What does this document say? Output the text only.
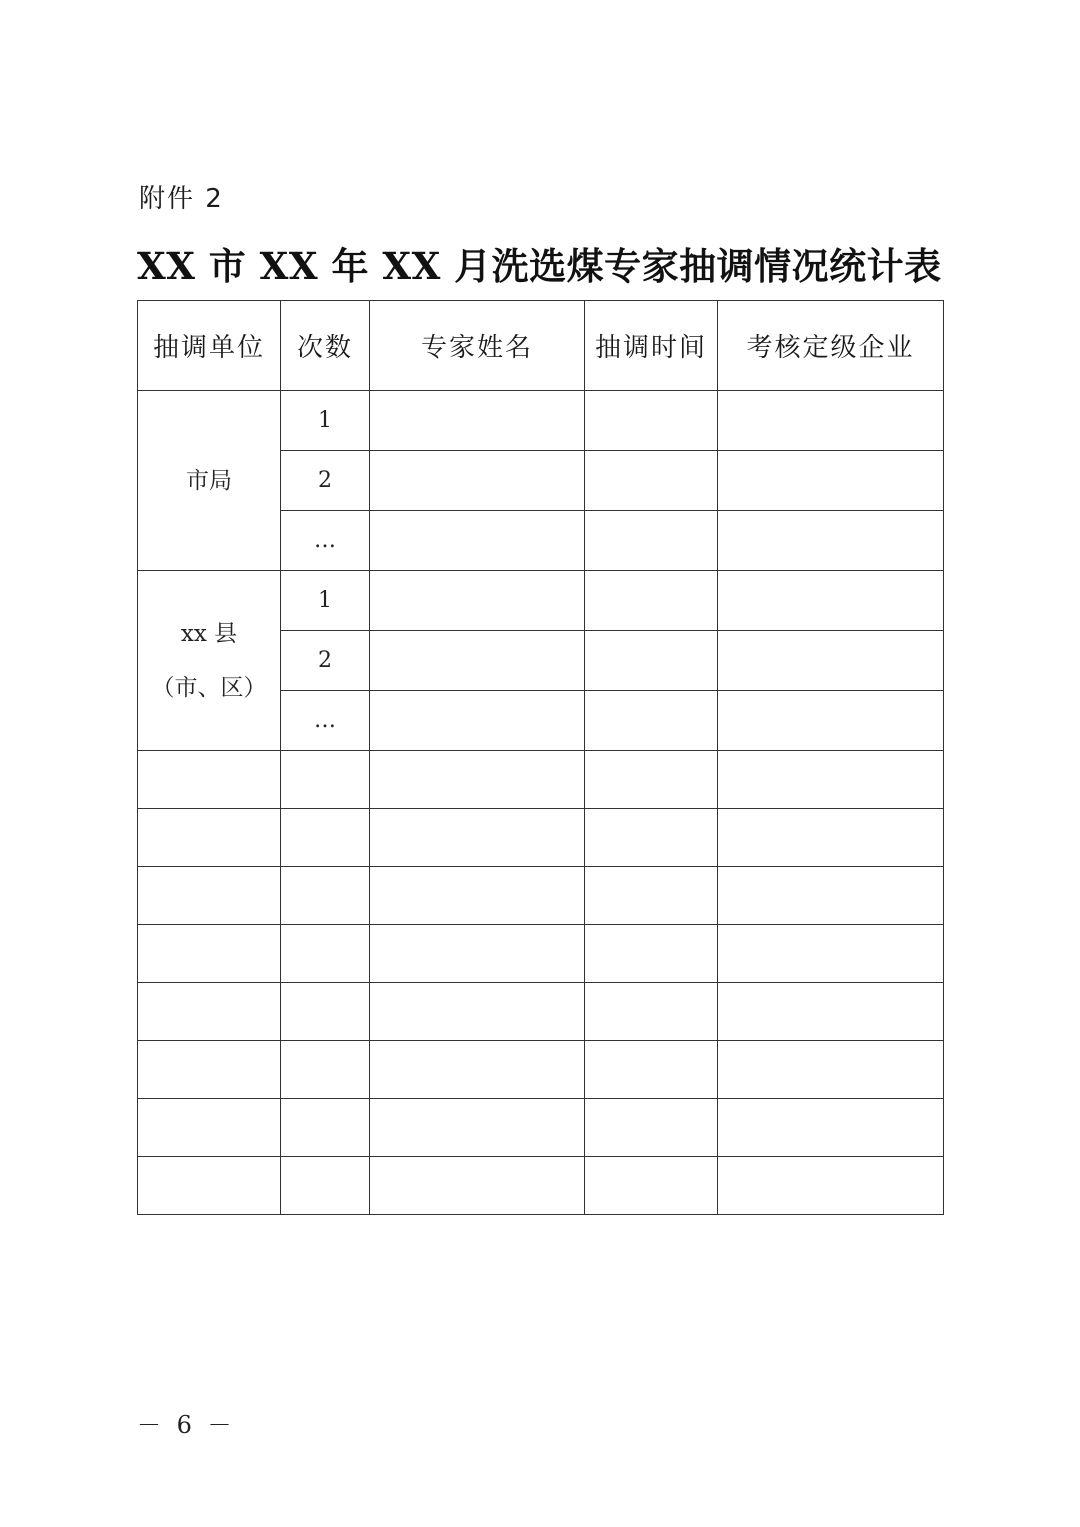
附件 2
XX 市 XX 年 XX 月洗选煤专家抽调情况统计表
抽调单位	次数	专家姓名	抽调时间	考核定级企业

市局	1			
	2			
	…			

xx 县
（市、区）	1			
	2			
	…			

－ 6 －
